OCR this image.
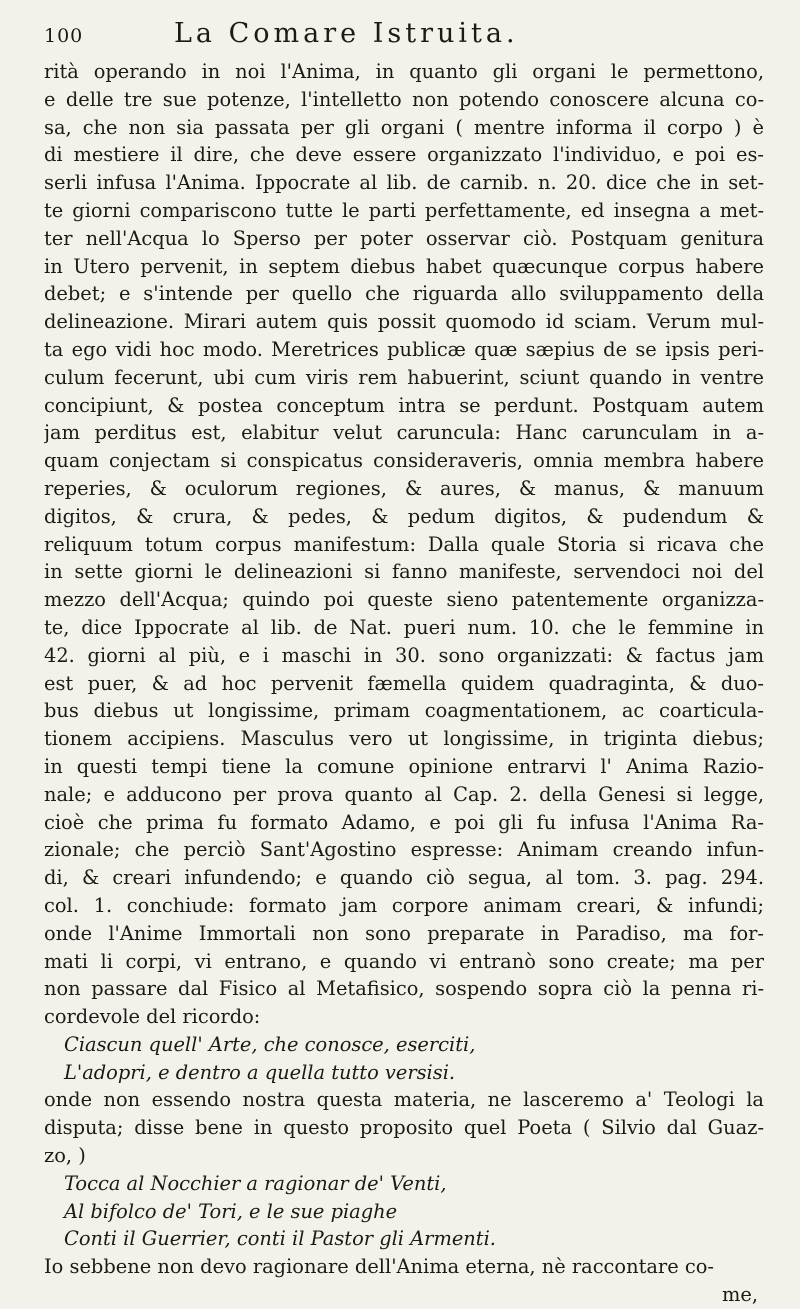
100	La Comare Istruita.
rità operando in noi l'Anima, in quanto gli organi le permettono,
e delle tre sue potenze, l'intelletto non potendo conoscere alcuna co-
sa, che non sia passata per gli organi ( mentre informa il corpo ) è
di mestiere il dire, che deve essere organizzato l'individuo, e poi es-
serli infusa l'Anima. Ippocrate al lib. de carnib. n. 20. dice che in set-
te giorni comparisconο tutte le parti perfettamente, ed insegna a met-
ter nell'Acqua lo Sperso per poter osservar ciò. Postquam genitura
in Utero pervenit, in septem diebus habet quæcunque corpus habere
debet; e s'intende per quello che riguarda allo sviluppamento della
delineazione. Mirari autem quis possit quomodo id sciam. Verum mul-
ta ego vidi hoc modo. Meretrices publicæ quæ sæpius de se ipsis peri-
culum fecerunt, ubi cum viris rem habuerint, sciunt quando in ventre
concipiunt, & postea conceptum intra se perdunt. Postquam autem
jam perditus est, elabitur velut caruncula: Hanc carunculam in a-
quam conjectam si conspicatus consideraveris, omnia membra habere
reperies, & oculorum regiones, & aures, & manus, & manuum
digitos, & crura, & pedes, & pedum digitos, & pudendum &
reliquum totum corpus manifestum: Dalla quale Storia si ricava che
in sette giorni le delineazioni si fanno manifeste, servendoci noi del
mezzo dell'Acqua; quindo poi queste sieno patentemente organizza-
te, dice Ippocrate al lib. de Nat. pueri num. 10. che le femmine in
42. giorni al più, e i maschi in 30. sono organizzati: & factus jam
est puer, & ad hoc pervenit fæmella quidem quadraginta, & duo-
bus diebus ut longissime, primam coagmentationem, ac coarticula-
tionem accipiens. Masculus vero ut longissime, in triginta diebus;
in questi tempi tiene la comune opinione entrarvi l' Anima Razio-
nale; e adducono per prova quanto al Cap. 2. della Genesi si legge,
cioè che prima fu formato Adamo, e poi gli fu infusa l'Anima Ra-
zionale; che perciò Sant'Agostino espresse: Animam creando infun-
di, & creari infundendo; e quando ciò segua, al tom. 3. pag. 294.
col. 1. conchiude: formato jam corpore animam creari, & infundi;
onde l'Anime Immortali non sono preparate in Paradiso, ma for-
mati li corpi, vi entrano, e quando vi entranò sono create; ma per
non passare dal Fisico al Metafisico, sospendo sopra ciò la penna ri-
cordevole del ricordo:
Ciascun quell' Arte, che conosce, eserciti,
L'adopri, e dentro a quella tutto versisi.
onde non essendo nostra questa materia, ne lasceremo a' Teologi la
disputa; disse bene in questo proposito quel Poeta ( Silvio dal Guaz-
zo, )
Tocca al Nocchier a ragionar de' Venti,
Al bifolco de' Tori, e le sue piaghe
Conti il Guerrier, conti il Pastor gli Armenti.
Io sebbene non devo ragionare dell'Anima eterna, nè raccontare co-
me,
